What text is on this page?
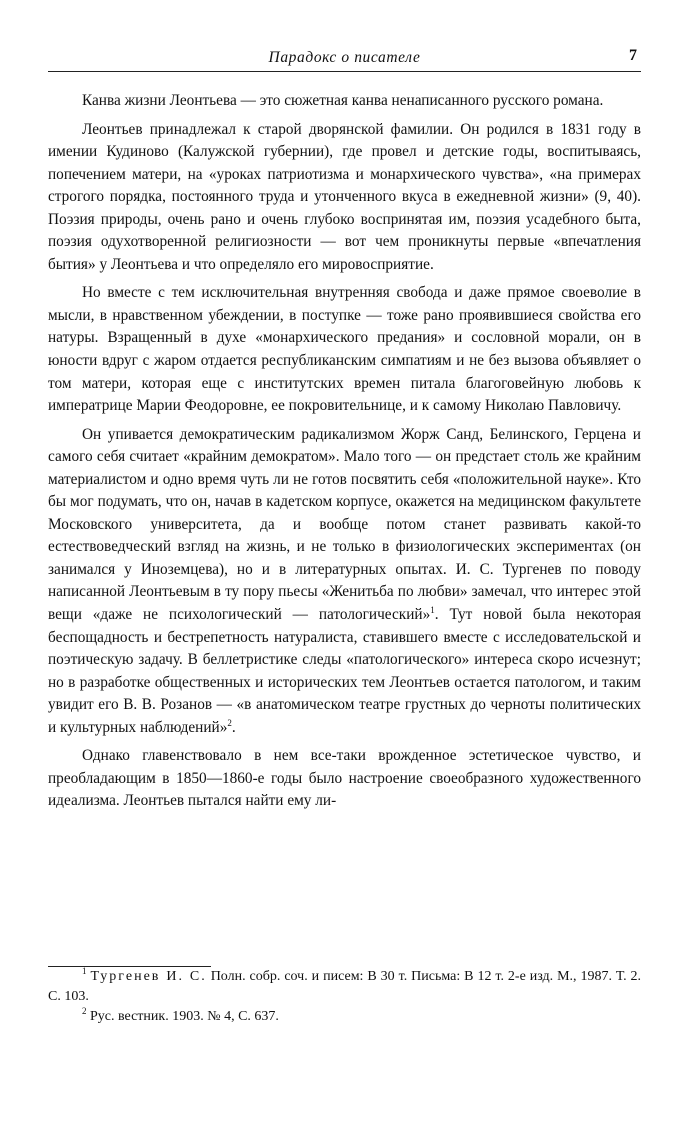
Парадокс о писателе	7

Канва жизни Леонтьева — это сюжетная канва ненаписанного русского романа.

Леонтьев принадлежал к старой дворянской фамилии. Он родился в 1831 году в имении Кудиново (Калужской губернии), где провел и детские годы, воспитываясь, попечением матери, на «уроках патриотизма и монархического чувства», «на примерах строгого порядка, постоянного труда и утонченного вкуса в ежедневной жизни» (9, 40). Поэзия природы, очень рано и очень глубоко воспринятая им, поэзия усадебного быта, поэзия одухотворенной религиозности — вот чем проникнуты первые «впечатления бытия» у Леонтьева и что определяло его мировосприятие.

Но вместе с тем исключительная внутренняя свобода и даже прямое своеволие в мысли, в нравственном убеждении, в поступке — тоже рано проявившиеся свойства его натуры. Взращенный в духе «монархического предания» и сословной морали, он в юности вдруг с жаром отдается республиканским симпатиям и не без вызова объявляет о том матери, которая еще с институтских времен питала благоговейную любовь к императрице Марии Феодоровне, ее покровительнице, и к самому Николаю Павловичу.

Он упивается демократическим радикализмом Жорж Санд, Белинского, Герцена и самого себя считает «крайним демократом». Мало того — он предстает столь же крайним материалистом и одно время чуть ли не готов посвятить себя «положительной науке». Кто бы мог подумать, что он, начав в кадетском корпусе, окажется на медицинском факультете Московского университета, да и вообще потом станет развивать какой-то естествоведческий взгляд на жизнь, и не только в физиологических экспериментах (он занимался у Иноземцева), но и в литературных опытах. И. С. Тургенев по поводу написанной Леонтьевым в ту пору пьесы «Женитьба по любви» замечал, что интерес этой вещи «даже не психологический — патологический»$^1$. Тут новой была некоторая беспощадность и бестрепетность натуралиста, ставившего вместе с исследовательской и поэтическую задачу. В беллетристике следы «патологического» интереса скоро исчезнут; но в разработке общественных и исторических тем Леонтьев остается патологом, и таким увидит его В. В. Розанов — «в анатомическом театре грустных до черноты политических и культурных наблюдений»$^2$.

Однако главенствовало в нем все-таки врожденное эстетическое чувство, и преобладающим в 1850—1860-е годы было настроение своеобразного художественного идеализма. Леонтьев пытался найти ему ли-

$^1$ Тургенев И. С. Полн. собр. соч. и писем: В 30 т. Письма: В 12 т. 2-е изд. М., 1987. Т. 2. С. 103.

$^2$ Рус. вестник. 1903. № 4, С. 637.
